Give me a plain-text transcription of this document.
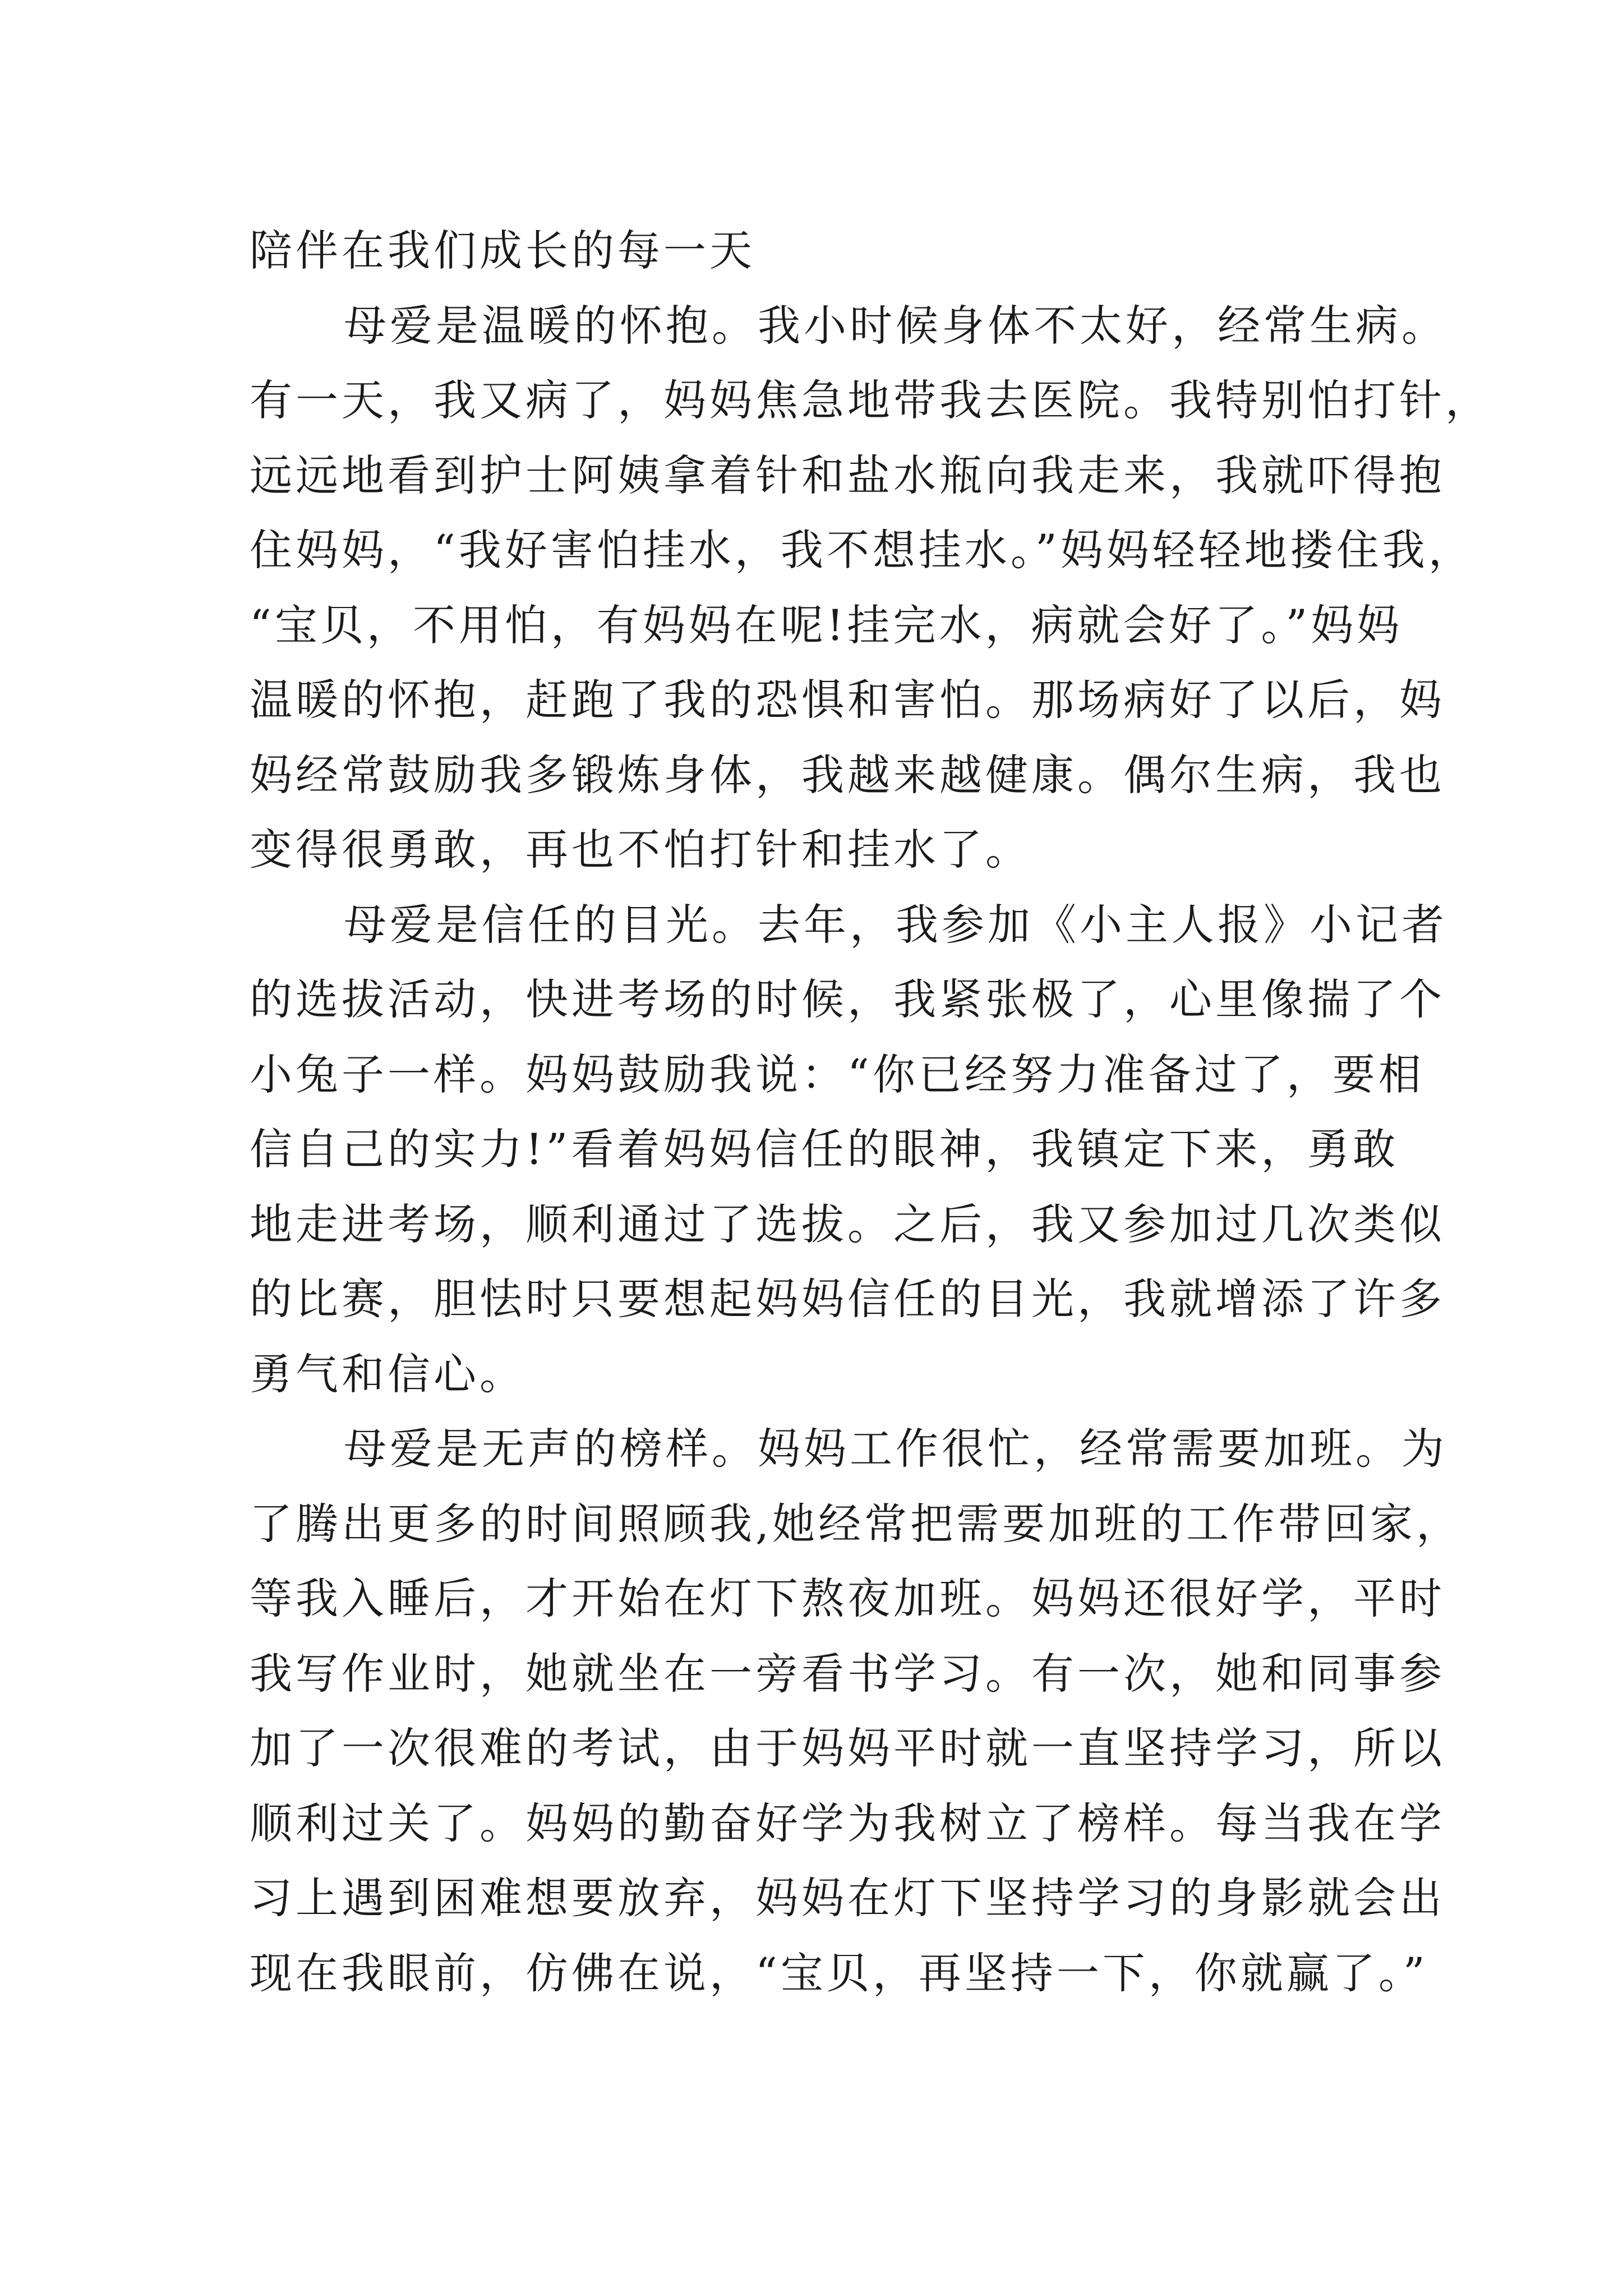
陪伴在我们成长的每一天
母爱是温暖的怀抱。我小时候身体不太好，经常生病。
有一天，我又病了，妈妈焦急地带我去医院。我特别怕打针，
远远地看到护士阿姨拿着针和盐水瓶向我走来，我就吓得抱
住妈妈，“我好害怕挂水，我不想挂水。”妈妈轻轻地搂住我，
“宝贝，不用怕，有妈妈在呢!挂完水，病就会好了。”妈妈
温暖的怀抱，赶跑了我的恐惧和害怕。那场病好了以后，妈
妈经常鼓励我多锻炼身体，我越来越健康。偶尔生病，我也
变得很勇敢，再也不怕打针和挂水了。
母爱是信任的目光。去年，我参加《小主人报》小记者
的选拔活动，快进考场的时候，我紧张极了，心里像揣了个
小兔子一样。妈妈鼓励我说：“你已经努力准备过了，要相
信自己的实力!”看着妈妈信任的眼神，我镇定下来，勇敢
地走进考场，顺利通过了选拔。之后，我又参加过几次类似
的比赛，胆怯时只要想起妈妈信任的目光，我就增添了许多
勇气和信心。
母爱是无声的榜样。妈妈工作很忙，经常需要加班。为
了腾出更多的时间照顾我,她经常把需要加班的工作带回家，
等我入睡后，才开始在灯下熬夜加班。妈妈还很好学，平时
我写作业时，她就坐在一旁看书学习。有一次，她和同事参
加了一次很难的考试，由于妈妈平时就一直坚持学习，所以
顺利过关了。妈妈的勤奋好学为我树立了榜样。每当我在学
习上遇到困难想要放弃，妈妈在灯下坚持学习的身影就会出
现在我眼前，仿佛在说，“宝贝，再坚持一下，你就赢了。”
